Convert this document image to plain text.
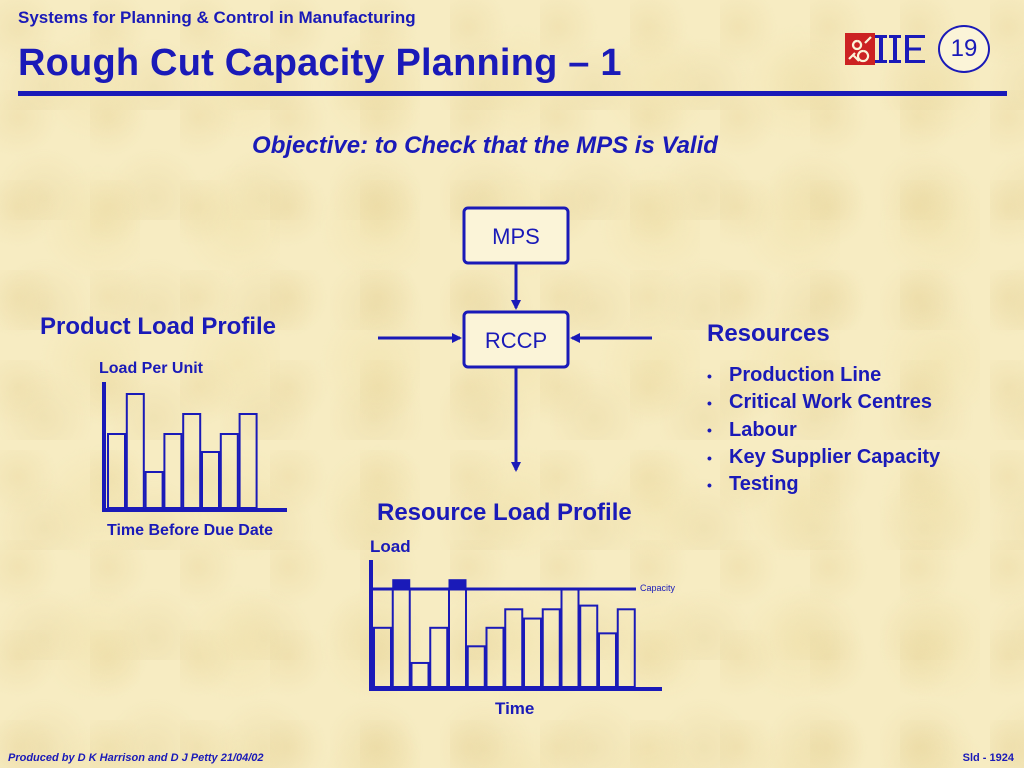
Systems for Planning & Control in Manufacturing
Rough Cut Capacity Planning – 1	19
Objective: to Check that the MPS is Valid
MPS
RCCP
Product Load Profile
Load Per Unit
Time Before Due Date
Resource Load Profile
Load
Time
Capacity
Resources
• Production Line
• Critical Work Centres
• Labour
• Key Supplier Capacity
• Testing
Produced by D K Harrison and D J Petty 21/04/02	Sld - 1924
